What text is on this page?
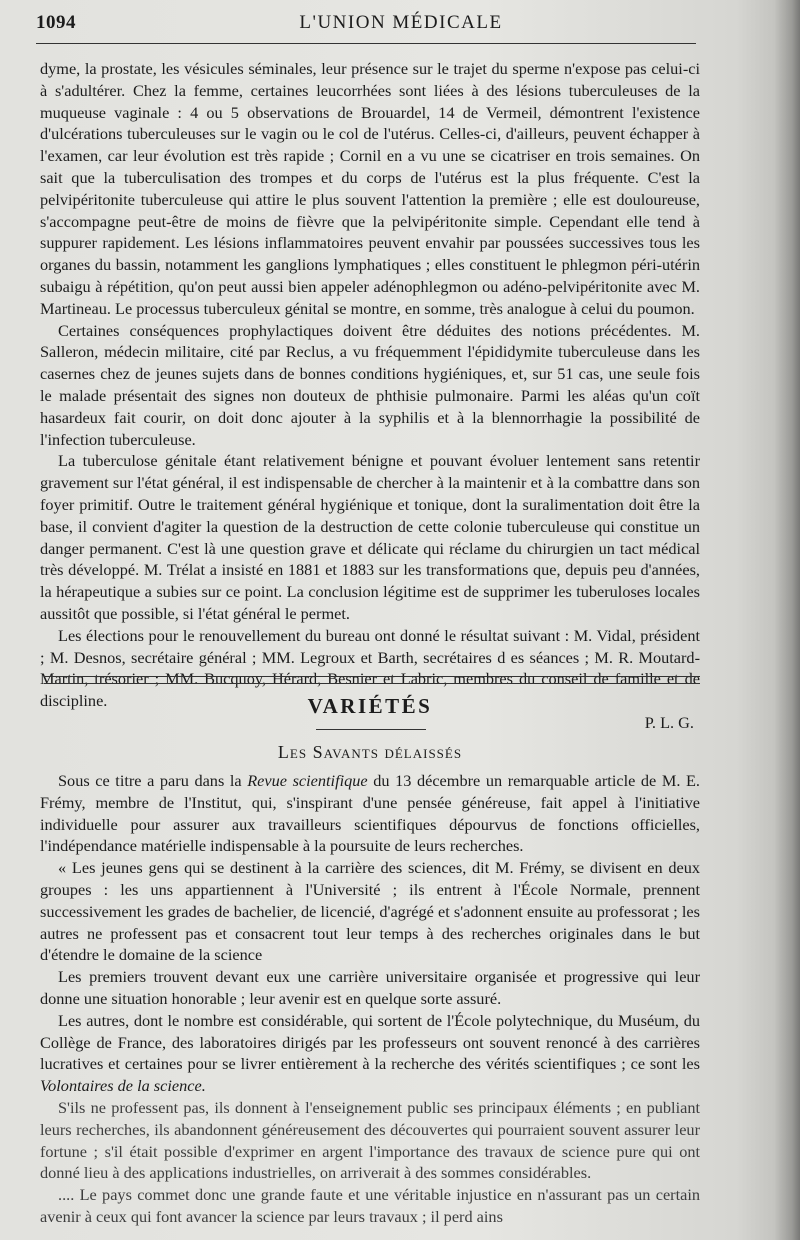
1094	L'UNION MÉDICALE

dyme, la prostate, les vésicules séminales, leur présence sur le trajet du sperme n'expose pas celui-ci à s'adultérer. Chez la femme, certaines leucorrhées sont liées à des lésions tuberculeuses de la muqueuse vaginale : 4 ou 5 observations de Brouardel, 14 de Vermeil, démontrent l'existence d'ulcérations tuberculeuses sur le vagin ou le col de l'utérus. Celles-ci, d'ailleurs, peuvent échapper à l'examen, car leur évolution est très rapide ; Cornil en a vu une se cicatriser en trois semaines. On sait que la tuberculisation des trompes et du corps de l'utérus est la plus fréquente. C'est la pelvipéritonite tuberculeuse qui attire le plus souvent l'attention la première ; elle est douloureuse, s'accompagne peut-être de moins de fièvre que la pelvipéritonite simple. Cependant elle tend à suppurer rapidement. Les lésions inflammatoires peuvent envahir par poussées successives tous les organes du bassin, notamment les ganglions lymphatiques ; elles constituent le phlegmon péri-utérin subaigu à répétition, qu'on peut aussi bien appeler adénophlegmon ou adéno-pelvipéritonite avec M. Martineau. Le processus tuberculeux génital se montre, en somme, très analogue à celui du poumon.

Certaines conséquences prophylactiques doivent être déduites des notions précédentes. M. Salleron, médecin militaire, cité par Reclus, a vu fréquemment l'épididymite tuberculeuse dans les casernes chez de jeunes sujets dans de bonnes conditions hygiéniques, et, sur 51 cas, une seule fois le malade présentait des signes non douteux de phthisie pulmonaire. Parmi les aléas qu'un coït hasardeux fait courir, on doit donc ajouter à la syphilis et à la blennorrhagie la possibilité de l'infection tuberculeuse.

La tuberculose génitale étant relativement bénigne et pouvant évoluer lentement sans retentir gravement sur l'état général, il est indispensable de chercher à la maintenir et à la combattre dans son foyer primitif. Outre le traitement général hygiénique et tonique, dont la suralimentation doit être la base, il convient d'agiter la question de la destruction de cette colonie tuberculeuse qui constitue un danger permanent. C'est là une question grave et délicate qui réclame du chirurgien un tact médical très développé. M. Trélat a insisté en 1881 et 1883 sur les transformations que, depuis peu d'années, la hérapeutique a subies sur ce point. La conclusion légitime est de supprimer les tuberuloses locales aussitôt que possible, si l'état général le permet.

Les élections pour le renouvellement du bureau ont donné le résultat suivant : M. Vidal, président ; M. Desnos, secrétaire général ; MM. Legroux et Barth, secrétaires d es séances ; M. R. Moutard-Martin, trésorier ; MM. Bucquoy, Hérard, Besnier et Labric, membres du conseil de famille et de discipline.

P. L. G.

VARIÉTÉS
Les Savants délaissés

Sous ce titre a paru dans la Revue scientifique du 13 décembre un remarquable article de M. E. Frémy, membre de l'Institut, qui, s'inspirant d'une pensée généreuse, fait appel à l'initiative individuelle pour assurer aux travailleurs scientifiques dépourvus de fonctions officielles, l'indépendance matérielle indispensable à la poursuite de leurs recherches.

« Les jeunes gens qui se destinent à la carrière des sciences, dit M. Frémy, se divisent en deux groupes : les uns appartiennent à l'Université ; ils entrent à l'École Normale, prennent successivement les grades de bachelier, de licencié, d'agrégé et s'adonnent ensuite au professorat ; les autres ne professent pas et consacrent tout leur temps à des recherches originales dans le but d'étendre le domaine de la science

Les premiers trouvent devant eux une carrière universitaire organisée et progressive qui leur donne une situation honorable ; leur avenir est en quelque sorte assuré.

Les autres, dont le nombre est considérable, qui sortent de l'École polytechnique, du Muséum, du Collège de France, des laboratoires dirigés par les professeurs ont souvent renoncé à des carrières lucratives et certaines pour se livrer entièrement à la recherche des vérités scientifiques ; ce sont les Volontaires de la science.

S'ils ne professent pas, ils donnent à l'enseignement public ses principaux éléments ; en publiant leurs recherches, ils abandonnent généreusement des découvertes qui pourraient souvent assurer leur fortune ; s'il était possible d'exprimer en argent l'importance des travaux de science pure qui ont donné lieu à des applications industrielles, on arriverait à des sommes considérables.

.... Le pays commet donc une grande faute et une véritable injustice en n'assurant pas un certain avenir à ceux qui font avancer la science par leurs travaux ; il perd ains
